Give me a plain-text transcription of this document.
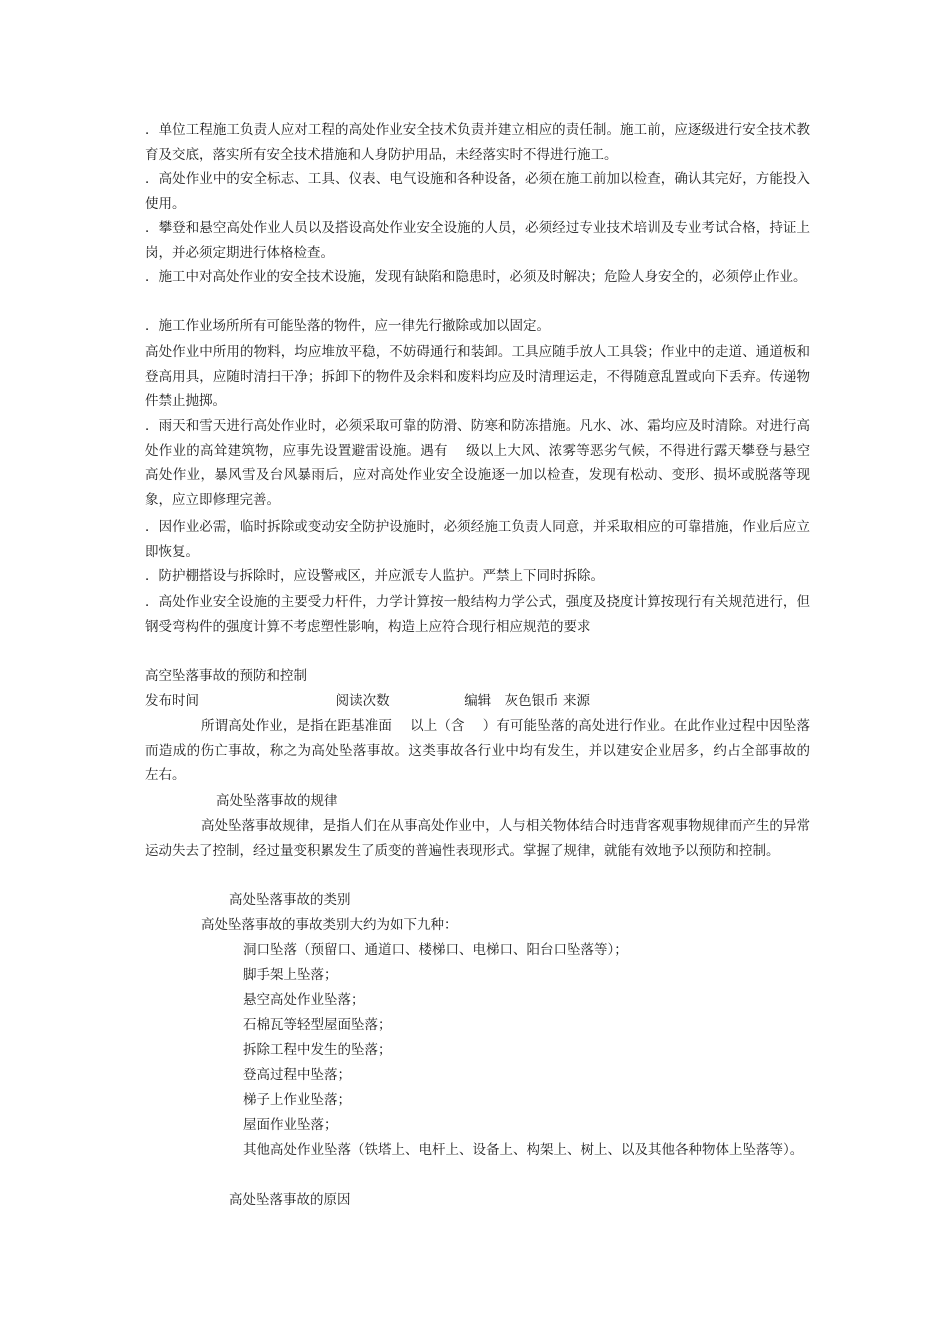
．单位工程施工负责人应对工程的高处作业安全技术负责并建立相应的责任制。施工前，应逐级进行安全技术教育及交底，落实所有安全技术措施和人身防护用品，未经落实时不得进行施工。

．高处作业中的安全标志、工具、仪表、电气设施和各种设备，必须在施工前加以检查，确认其完好，方能投入使用。

．攀登和悬空高处作业人员以及搭设高处作业安全设施的人员，必须经过专业技术培训及专业考试合格，持证上岗，并必须定期进行体格检查。

．施工中对高处作业的安全技术设施，发现有缺陷和隐患时，必须及时解决；危险人身安全的，必须停止作业。

．施工作业场所所有可能坠落的物件，应一律先行撤除或加以固定。

高处作业中所用的物料，均应堆放平稳，不妨碍通行和装卸。工具应随手放人工具袋；作业中的走道、通道板和登高用具，应随时清扫干净；拆卸下的物件及余料和废料均应及时清理运走，不得随意乱置或向下丢弃。传递物件禁止抛掷。

．雨天和雪天进行高处作业时，必须采取可靠的防滑、防寒和防冻措施。凡水、冰、霜均应及时清除。对进行高处作业的高耸建筑物，应事先设置避雷设施。遇有　 级以上大风、浓雾等恶劣气候，不得进行露天攀登与悬空高处作业，暴风雪及台风暴雨后，应对高处作业安全设施逐一加以检查，发现有松动、变形、损坏或脱落等现象，应立即修理完善。

．因作业必需，临时拆除或变动安全防护设施时，必须经施工负责人同意，并采取相应的可靠措施，作业后应立即恢复。

．防护棚搭设与拆除时，应设警戒区，并应派专人监护。严禁上下同时拆除。

．高处作业安全设施的主要受力杆件，力学计算按一般结构力学公式，强度及挠度计算按现行有关规范进行，但钢受弯构件的强度计算不考虑塑性影响，构造上应符合现行相应规范的要求

高空坠落事故的预防和控制

发布时间	阅读次数	编辑　灰色银币 来源

所谓高处作业，是指在距基准面　 以上（含　 ）有可能坠落的高处进行作业。在此作业过程中因坠落而造成的伤亡事故，称之为高处坠落事故。这类事故各行业中均有发生，并以建安企业居多，约占全部事故的　 左右。

高处坠落事故的规律

高处坠落事故规律，是指人们在从事高处作业中，人与相关物体结合时违背客观事物规律而产生的异常运动失去了控制，经过量变积累发生了质变的普遍性表现形式。掌握了规律，就能有效地予以预防和控制。

高处坠落事故的类别

高处坠落事故的事故类别大约为如下九种：

洞口坠落（预留口、通道口、楼梯口、电梯口、阳台口坠落等）；

脚手架上坠落；

悬空高处作业坠落；

石棉瓦等轻型屋面坠落；

拆除工程中发生的坠落；

登高过程中坠落；

梯子上作业坠落；

屋面作业坠落；

其他高处作业坠落（铁塔上、电杆上、设备上、构架上、树上、以及其他各种物体上坠落等）。

高处坠落事故的原因
